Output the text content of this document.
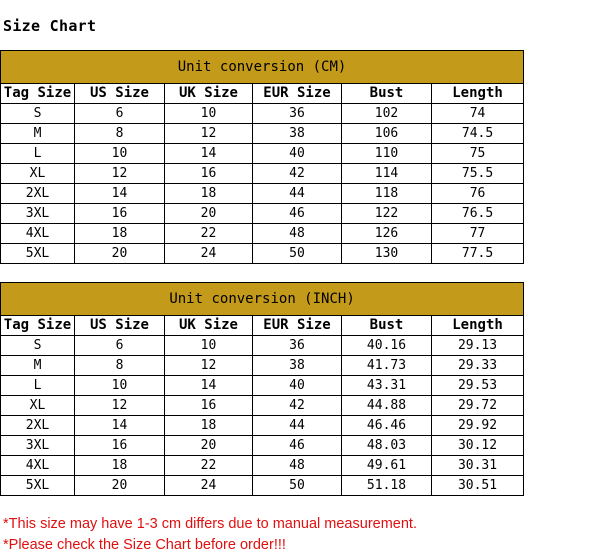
Size Chart
Unit conversion (CM)					
Tag Size	US Size	UK Size	EUR Size	Bust	Length
S	6	10	36	102	74
M	8	12	38	106	74.5
L	10	14	40	110	75
XL	12	16	42	114	75.5
2XL	14	18	44	118	76
3XL	16	20	46	122	76.5
4XL	18	22	48	126	77
5XL	20	24	50	130	77.5
Unit conversion (INCH)					
Tag Size	US Size	UK Size	EUR Size	Bust	Length
S	6	10	36	40.16	29.13
M	8	12	38	41.73	29.33
L	10	14	40	43.31	29.53
XL	12	16	42	44.88	29.72
2XL	14	18	44	46.46	29.92
3XL	16	20	46	48.03	30.12
4XL	18	22	48	49.61	30.31
5XL	20	24	50	51.18	30.51
*This size may have 1-3 cm differs due to manual measurement.
*Please check the Size Chart before order!!!
